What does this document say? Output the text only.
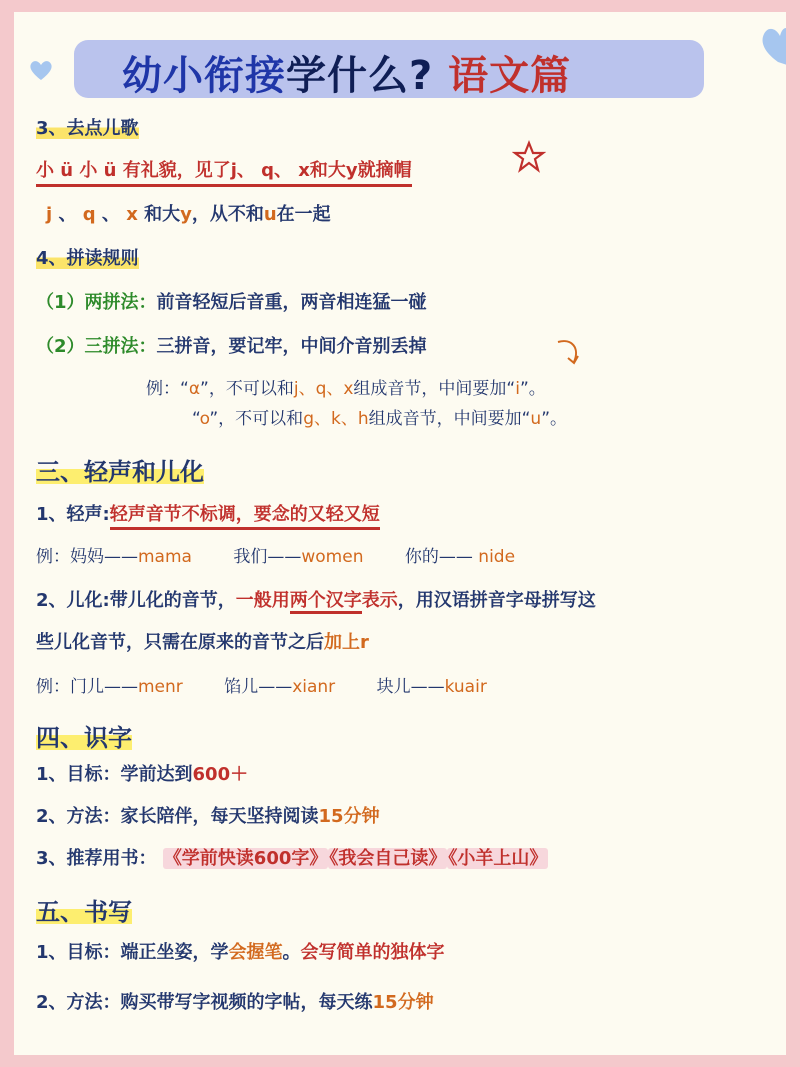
幼小衔接学什么? 语文篇
3、去点儿歌
小 ü 小 ü 有礼貌，见了j、 q、 x和大y就摘帽
j 、 q 、 x 和大y，从不和u在一起
4、拼读规则
（1）两拼法：前音轻短后音重，两音相连猛一碰
（2）三拼法：三拼音，要记牢，中间介音别丢掉
例：“α”，不可以和j、q、x组成音节，中间要加“i”。
“o”，不可以和g、k、h组成音节，中间要加“u”。
三、轻声和儿化
1、轻声:轻声音节不标调，要念的又轻又短
例：妈妈——mama 我们——women 你的—— nide
2、儿化:带儿化的音节，一般用两个汉字表示，用汉语拼音字母拼写这
些儿化音节，只需在原来的音节之后加上r
例：门儿——menr 馅儿——xianr 块儿——kuair
四、识字
1、目标：学前达到600＋
2、方法：家长陪伴，每天坚持阅读15分钟
3、推荐用书： 《学前快读600字》 《我会自己读》 《小羊上山》
五、书写
1、目标：端正坐姿，学会握笔。会写简单的独体字
2、方法：购买带写字视频的字帖，每天练15分钟
